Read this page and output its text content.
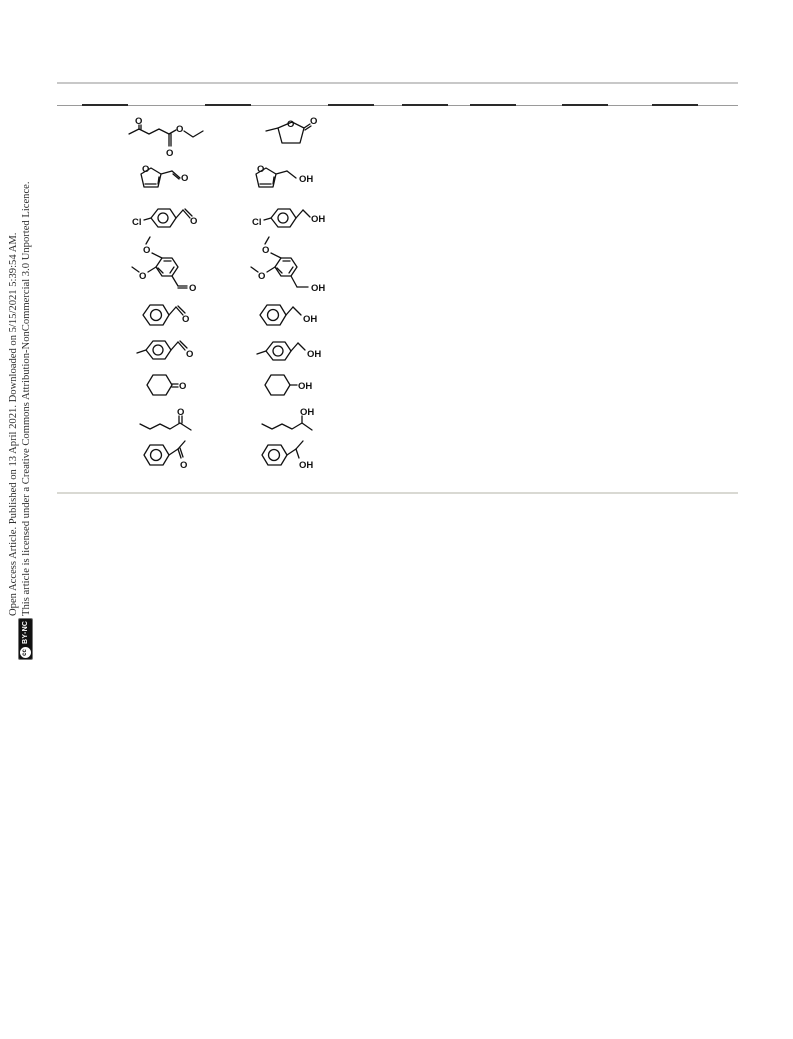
cc
BY-NC
Open Access Article. Published on 13 April 2021. Downloaded on 5/15/2021 5:39:54 AM. This article is licensed under a Creative Commons Attribution-NonCommercial 3.0 Unported Licence.
O
O
O	O O
O
O
O
OH
Cl	O	Cl	OH
O
O
O
O
O
OH
O	OH
O	OH
O	OH
O	OH
O	OH
